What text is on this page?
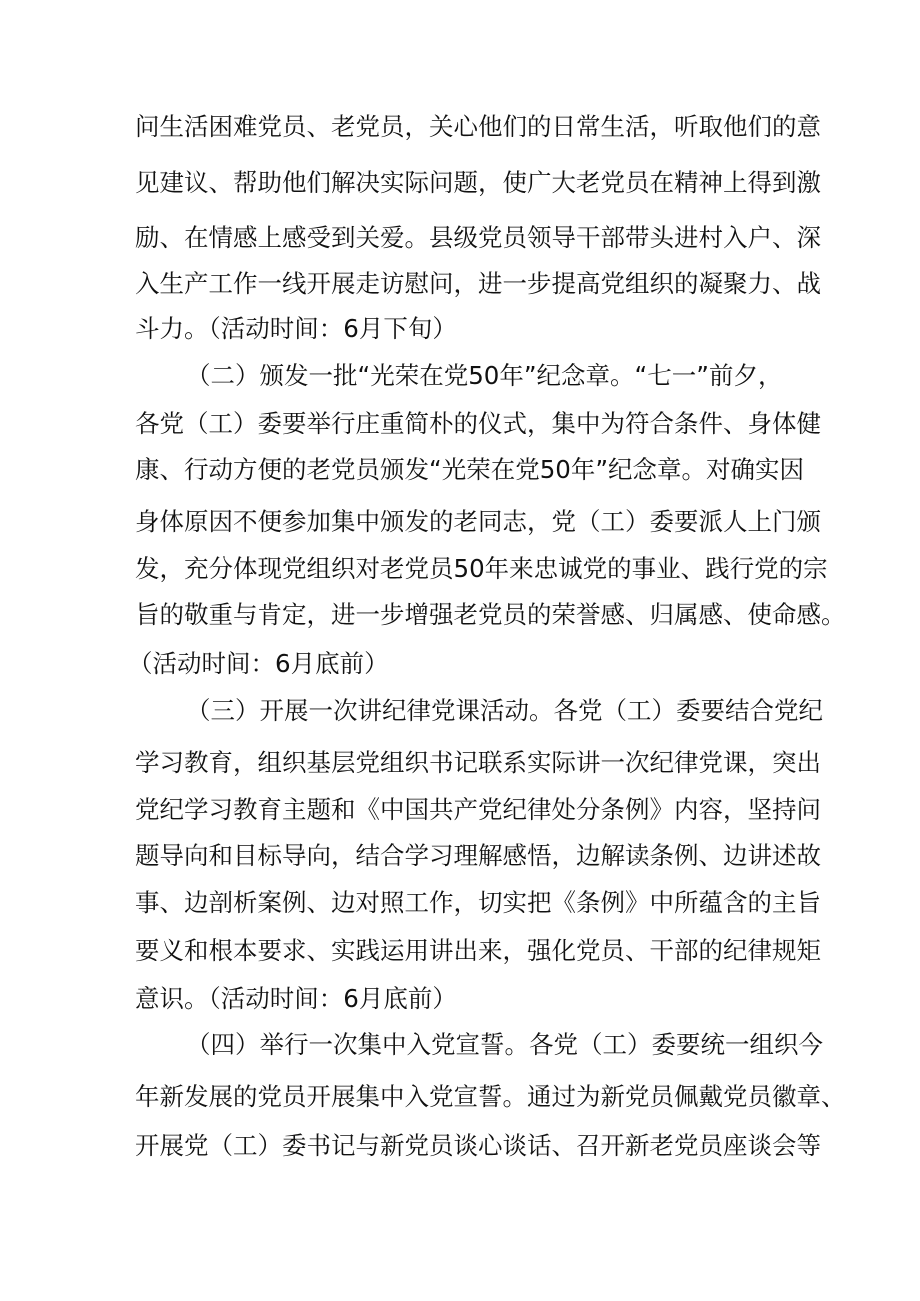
问生活困难党员、老党员，关心他们的日常生活，听取他们的意
见建议、帮助他们解决实际问题，使广大老党员在精神上得到激
励、在情感上感受到关爱。县级党员领导干部带头进村入户、深
入生产工作一线开展走访慰问，进一步提高党组织的凝聚力、战
斗力。（活动时间：6月下旬）
（二）颁发一批“光荣在党50年”纪念章。“七一”前夕，
各党（工）委要举行庄重简朴的仪式，集中为符合条件、身体健
康、行动方便的老党员颁发“光荣在党50年”纪念章。对确实因
身体原因不便参加集中颁发的老同志，党（工）委要派人上门颁
发，充分体现党组织对老党员50年来忠诚党的事业、践行党的宗
旨的敬重与肯定，进一步增强老党员的荣誉感、归属感、使命感。
（活动时间：6月底前）
（三）开展一次讲纪律党课活动。各党（工）委要结合党纪
学习教育，组织基层党组织书记联系实际讲一次纪律党课，突出
党纪学习教育主题和《中国共产党纪律处分条例》内容，坚持问
题导向和目标导向，结合学习理解感悟，边解读条例、边讲述故
事、边剖析案例、边对照工作，切实把《条例》中所蕴含的主旨
要义和根本要求、实践运用讲出来，强化党员、干部的纪律规矩
意识。（活动时间：6月底前）
（四）举行一次集中入党宣誓。各党（工）委要统一组织今
年新发展的党员开展集中入党宣誓。通过为新党员佩戴党员徽章、
开展党（工）委书记与新党员谈心谈话、召开新老党员座谈会等
